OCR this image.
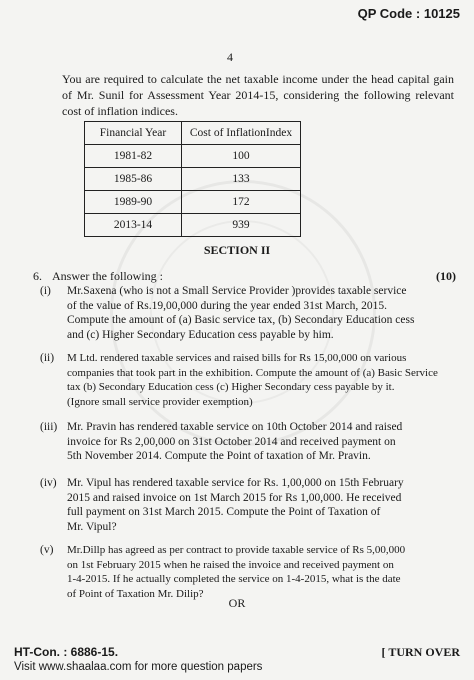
QP Code : 10125
4
You are required to calculate the net taxable income under the head capital gain of Mr. Sunil for Assessment Year 2014-15, considering the following relevant cost of inflation indices.
Financial Year	Cost of InflationIndex
1981-82	100
1985-86	133
1989-90	172
2013-14	939
SECTION II
6. Answer the following :	(10)
(i) Mr.Saxena (who is not a Small Service Provider )provides taxable service
of the value of Rs.19,00,000 during the year ended 31st March, 2015.
Compute the amount of (a) Basic service tax, (b) Secondary Education cess
and (c) Higher Secondary Education cess payable by him.
(ii) M Ltd. rendered taxable services and raised bills for Rs 15,00,000 on various
companies that took part in the exhibition. Compute the amount of (a) Basic Service
tax (b) Secondary Education cess (c) Higher Secondary cess payable by it.
(Ignore small service provider exemption)
(iii) Mr. Pravin has rendered taxable service on 10th October 2014 and raised
invoice for Rs 2,00,000 on 31st October 2014 and received payment on
5th November 2014. Compute the Point of taxation of Mr. Pravin.
(iv) Mr. Vipul has rendered taxable service for Rs. 1,00,000 on 15th February
2015 and raised invoice on 1st March 2015 for Rs 1,00,000. He received
full payment on 31st March 2015. Compute the Point of Taxation of
Mr. Vipul?
(v) Mr.Dillp has agreed as per contract to provide taxable service of Rs 5,00,000
on 1st February 2015 when he raised the invoice and received payment on
1-4-2015. If he actually completed the service on 1-4-2015, what is the date
of Point of Taxation Mr. Dilip?
OR
HT-Con. : 6886-15.	[ TURN OVER
Visit www.shaalaa.com for more question papers
